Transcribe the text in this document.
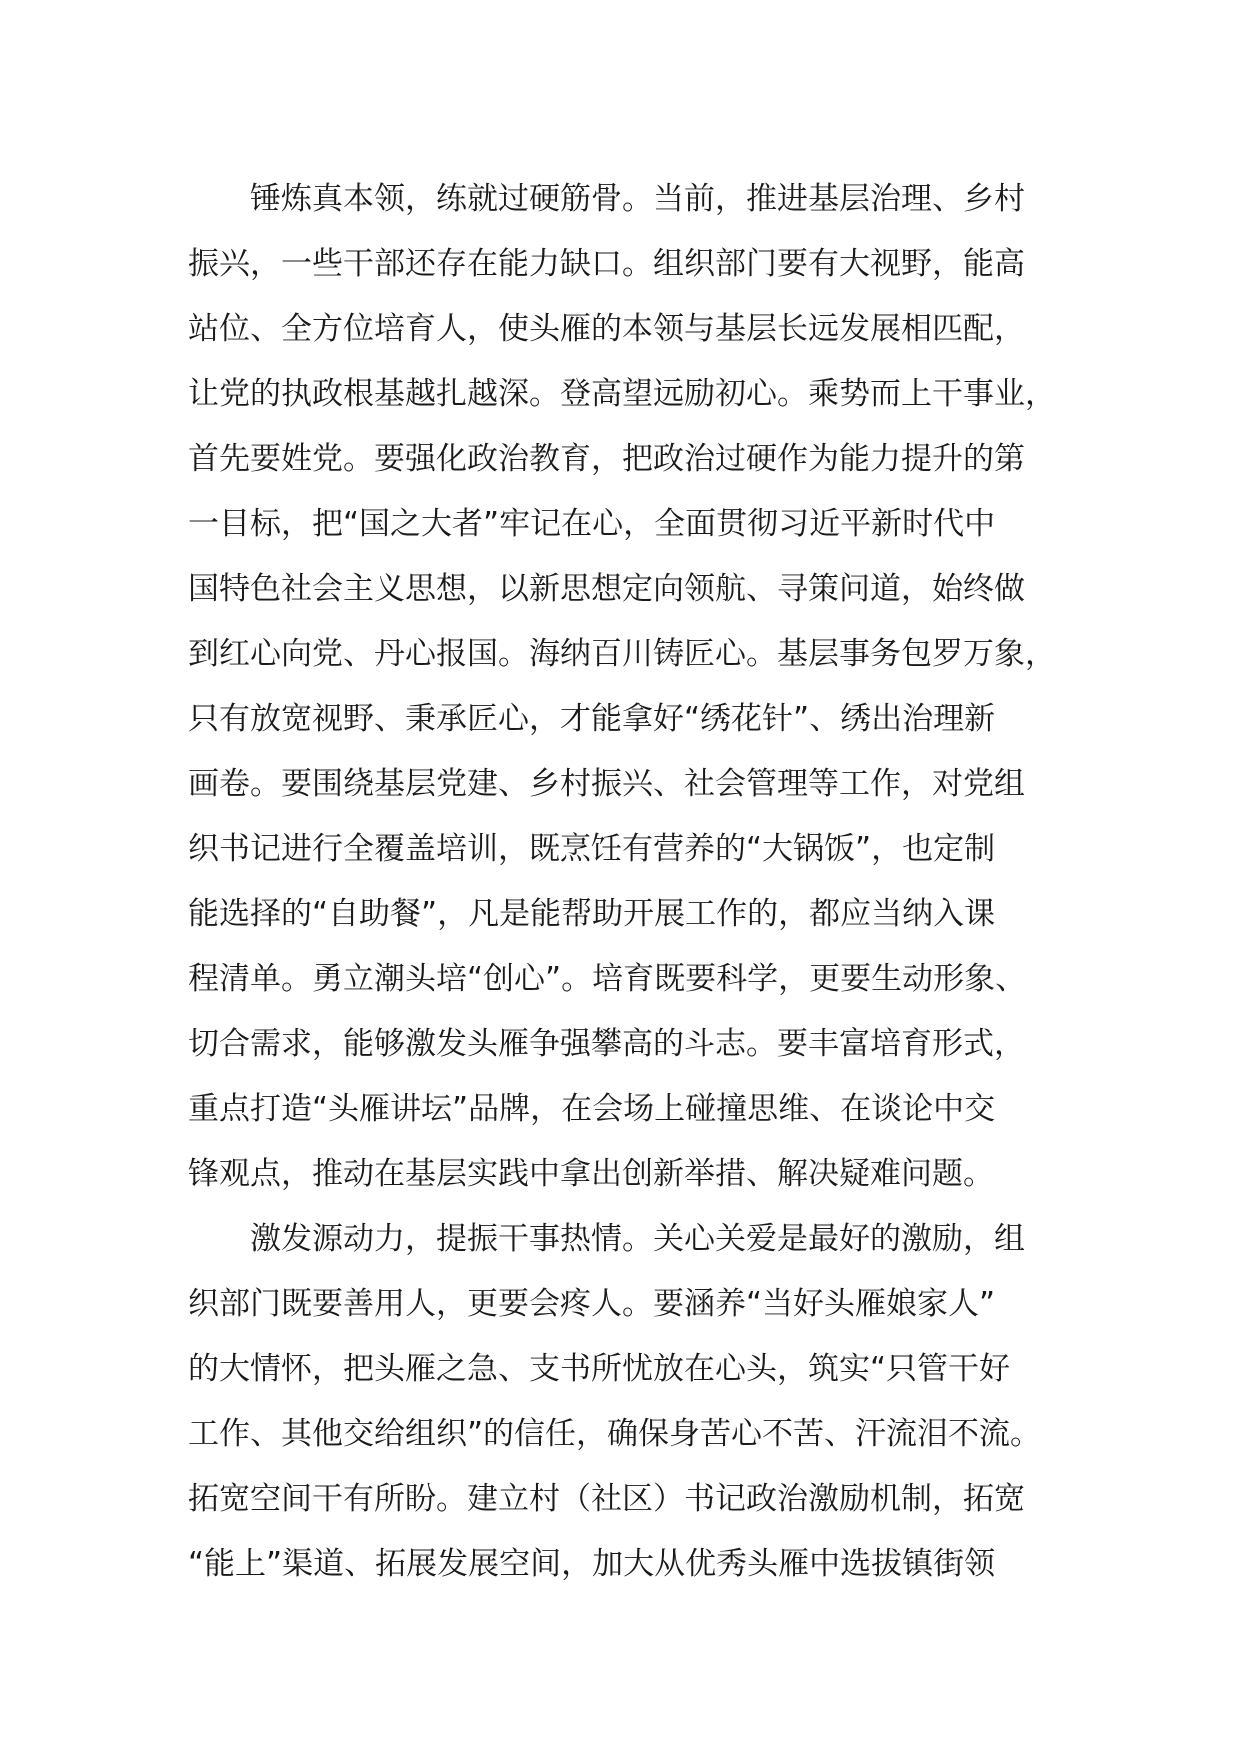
锤炼真本领，练就过硬筋骨。当前，推进基层治理、乡村
振兴，一些干部还存在能力缺口。组织部门要有大视野，能高
站位、全方位培育人，使头雁的本领与基层长远发展相匹配，
让党的执政根基越扎越深。登高望远励初心。乘势而上干事业，
首先要姓党。要强化政治教育，把政治过硬作为能力提升的第
一目标，把“国之大者”牢记在心，全面贯彻习近平新时代中
国特色社会主义思想，以新思想定向领航、寻策问道，始终做
到红心向党、丹心报国。海纳百川铸匠心。基层事务包罗万象，
只有放宽视野、秉承匠心，才能拿好“绣花针”、绣出治理新
画卷。要围绕基层党建、乡村振兴、社会管理等工作，对党组
织书记进行全覆盖培训，既烹饪有营养的“大锅饭”，也定制
能选择的“自助餐”，凡是能帮助开展工作的，都应当纳入课
程清单。勇立潮头培“创心”。培育既要科学，更要生动形象、
切合需求，能够激发头雁争强攀高的斗志。要丰富培育形式，
重点打造“头雁讲坛”品牌，在会场上碰撞思维、在谈论中交
锋观点，推动在基层实践中拿出创新举措、解决疑难问题。
激发源动力，提振干事热情。关心关爱是最好的激励，组
织部门既要善用人，更要会疼人。要涵养“当好头雁娘家人”
的大情怀，把头雁之急、支书所忧放在心头，筑实“只管干好
工作、其他交给组织”的信任，确保身苦心不苦、汗流泪不流。
拓宽空间干有所盼。建立村（社区）书记政治激励机制，拓宽
“能上”渠道、拓展发展空间，加大从优秀头雁中选拔镇街领
